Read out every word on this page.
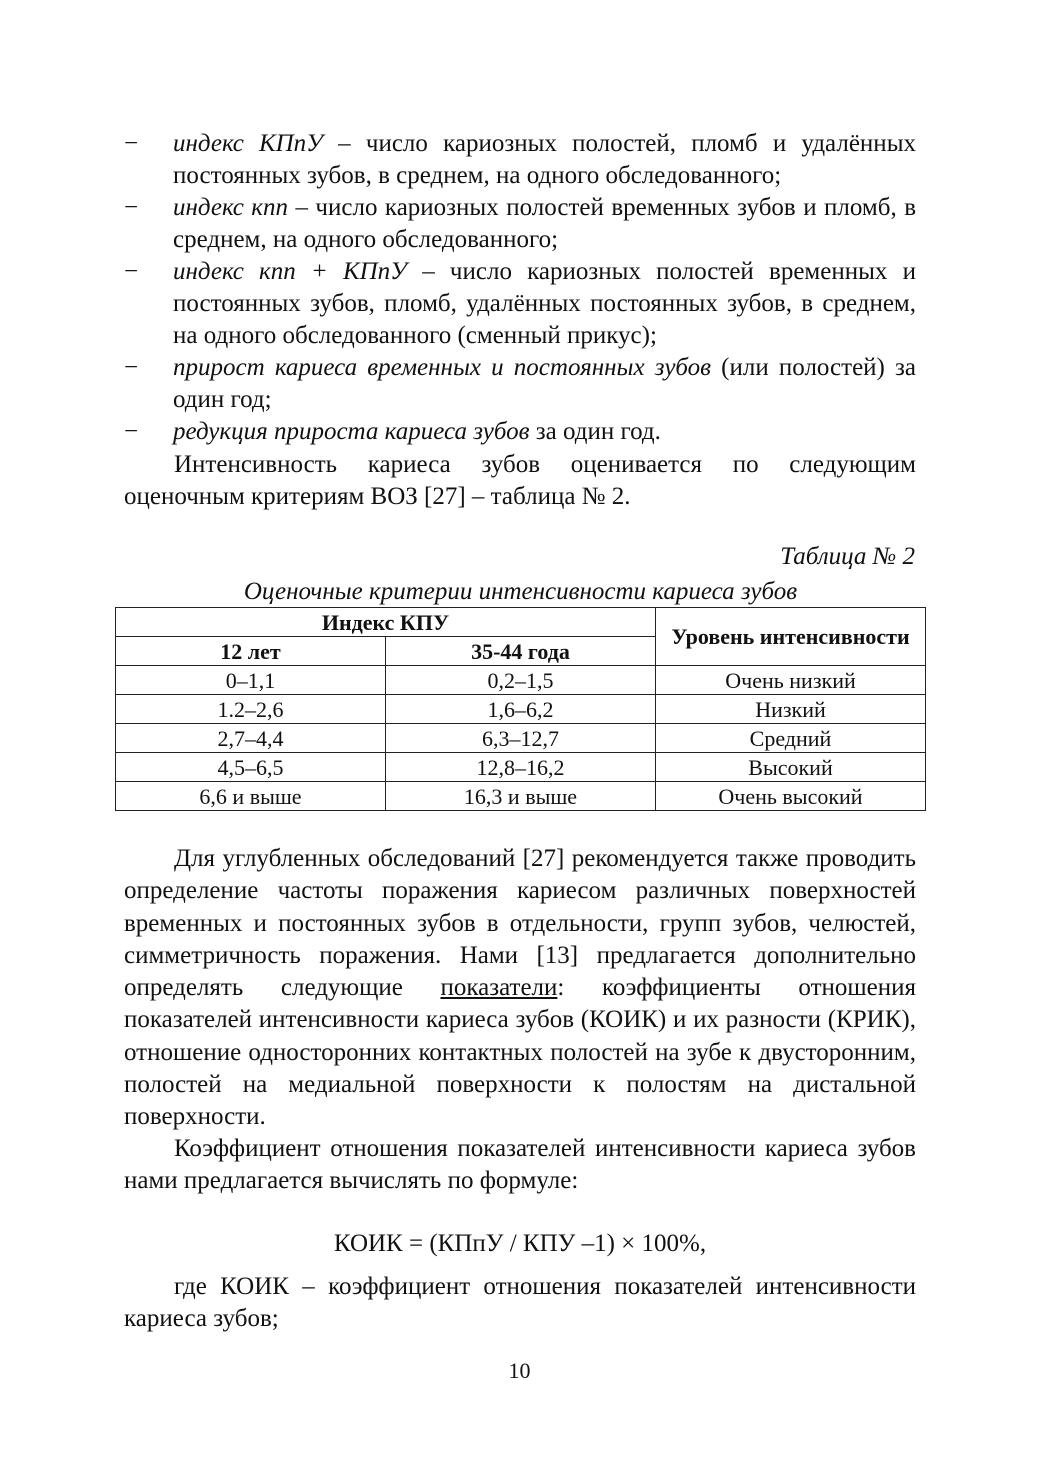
− индекс КПпУ – число кариозных полостей, пломб и удалённых постоянных зубов, в среднем, на одного обследованного;
− индекс кпп – число кариозных полостей временных зубов и пломб, в среднем, на одного обследованного;
− индекс кпп + КПпУ – число кариозных полостей временных и постоянных зубов, пломб, удалённых постоянных зубов, в среднем, на одного обследованного (сменный прикус);
− прирост кариеса временных и постоянных зубов (или полостей) за один год;
− редукция прироста кариеса зубов за один год.

Интенсивность кариеса зубов оценивается по следующим оценочным критериям ВОЗ [27] – таблица № 2.

Таблица № 2
Оценочные критерии интенсивности кариеса зубов
Индекс КПУ		Уровень интенсивности
12 лет	35-44 года	
0–1,1	0,2–1,5	Очень низкий
1.2–2,6	1,6–6,2	Низкий
2,7–4,4	6,3–12,7	Средний
4,5–6,5	12,8–16,2	Высокий
6,6 и выше	16,3 и выше	Очень высокий

Для углубленных обследований [27] рекомендуется также проводить определение частоты поражения кариесом различных поверхностей временных и постоянных зубов в отдельности, групп зубов, челюстей, симметричность поражения. Нами [13] предлагается дополнительно определять следующие показатели: коэффициенты отношения показателей интенсивности кариеса зубов (КОИК) и их разности (КРИК), отношение односторонних контактных полостей на зубе к двусторонним, полостей на медиальной поверхности к полостям на дистальной поверхности.

Коэффициент отношения показателей интенсивности кариеса зубов нами предлагается вычислять по формуле:

КОИК = (КПпУ / КПУ –1) × 100%,

где КОИК – коэффициент отношения показателей интенсивности кариеса зубов;

10
